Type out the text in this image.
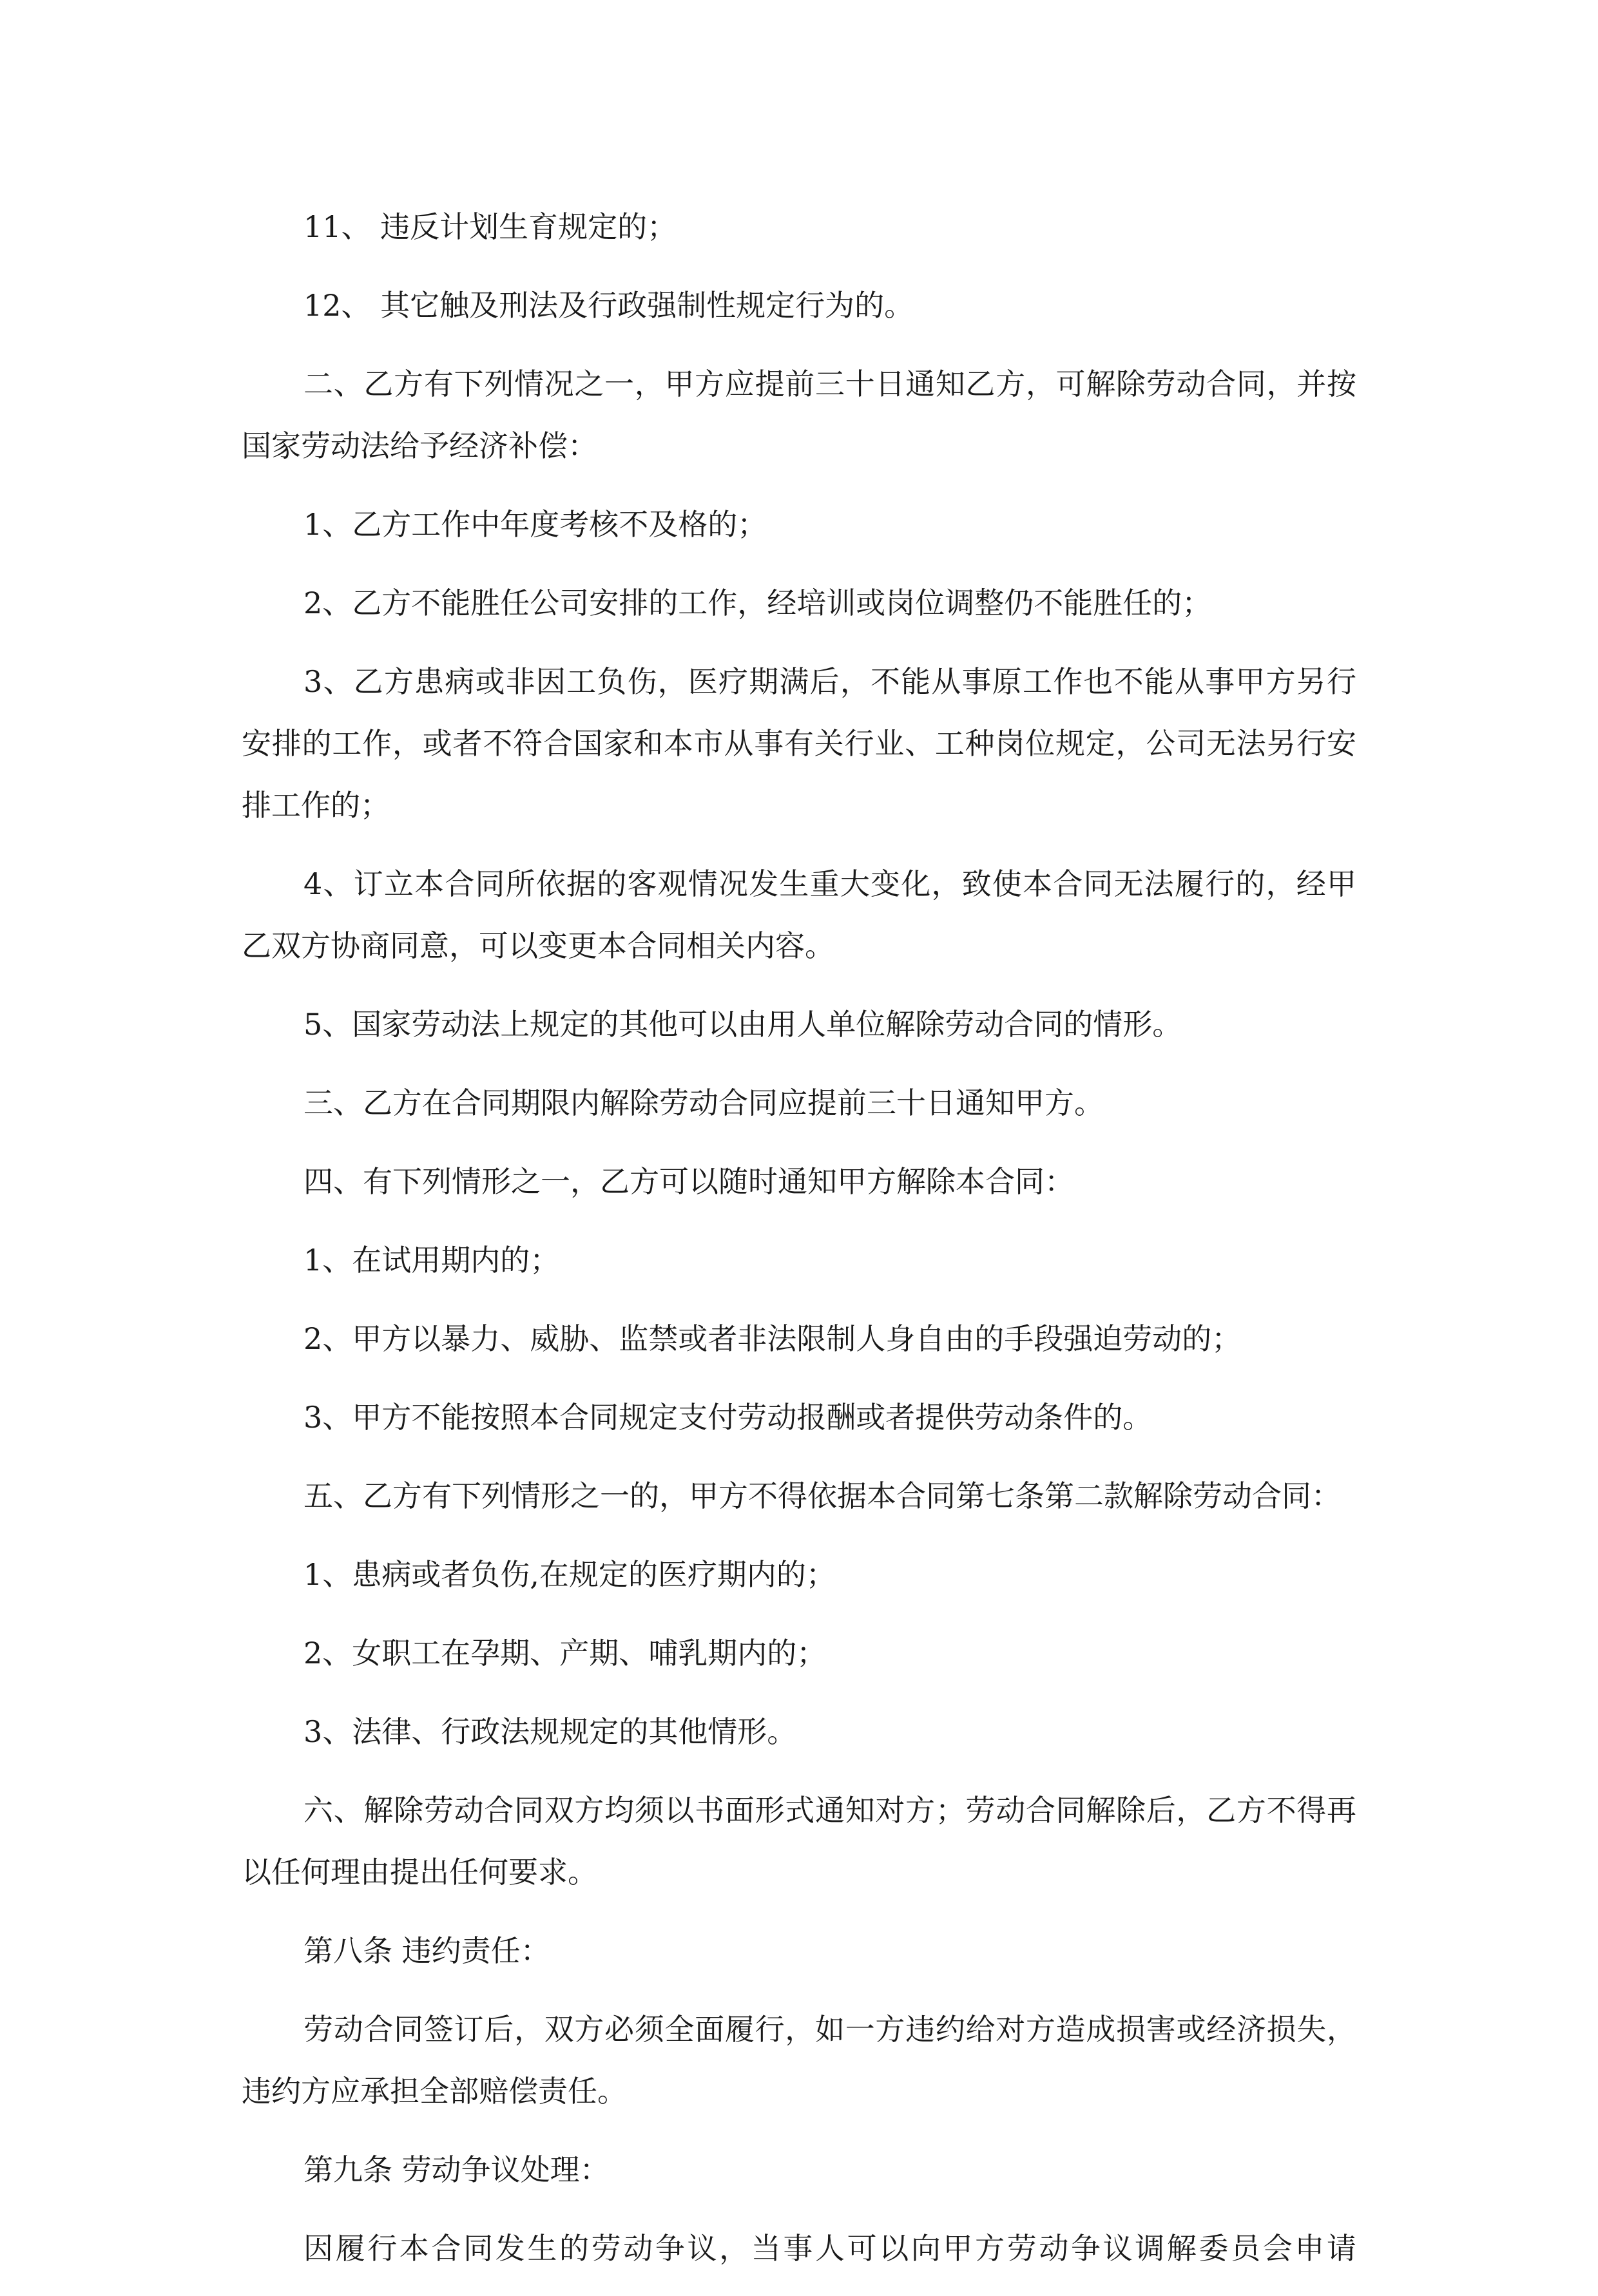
11、 违反计划生育规定的；

12、 其它触及刑法及行政强制性规定行为的。

二、乙方有下列情况之一，甲方应提前三十日通知乙方，可解除劳动合同，并按国家劳动法给予经济补偿：

1、乙方工作中年度考核不及格的；

2、乙方不能胜任公司安排的工作，经培训或岗位调整仍不能胜任的；

3、乙方患病或非因工负伤，医疗期满后，不能从事原工作也不能从事甲方另行安排的工作，或者不符合国家和本市从事有关行业、工种岗位规定，公司无法另行安排工作的；

4、订立本合同所依据的客观情况发生重大变化，致使本合同无法履行的，经甲乙双方协商同意，可以变更本合同相关内容。

5、国家劳动法上规定的其他可以由用人单位解除劳动合同的情形。

三、乙方在合同期限内解除劳动合同应提前三十日通知甲方。

四、有下列情形之一，乙方可以随时通知甲方解除本合同：

1、在试用期内的；

2、甲方以暴力、威胁、监禁或者非法限制人身自由的手段强迫劳动的；

3、甲方不能按照本合同规定支付劳动报酬或者提供劳动条件的。

五、乙方有下列情形之一的，甲方不得依据本合同第七条第二款解除劳动合同：

1、患病或者负伤,在规定的医疗期内的；

2、女职工在孕期、产期、哺乳期内的；

3、法律、行政法规规定的其他情形。

六、解除劳动合同双方均须以书面形式通知对方；劳动合同解除后，乙方不得再以任何理由提出任何要求。

第八条 违约责任：

劳动合同签订后，双方必须全面履行，如一方违约给对方造成损害或经济损失，违约方应承担全部赔偿责任。

第九条 劳动争议处理：

因履行本合同发生的劳动争议，当事人可以向甲方劳动争议调解委员会申请
